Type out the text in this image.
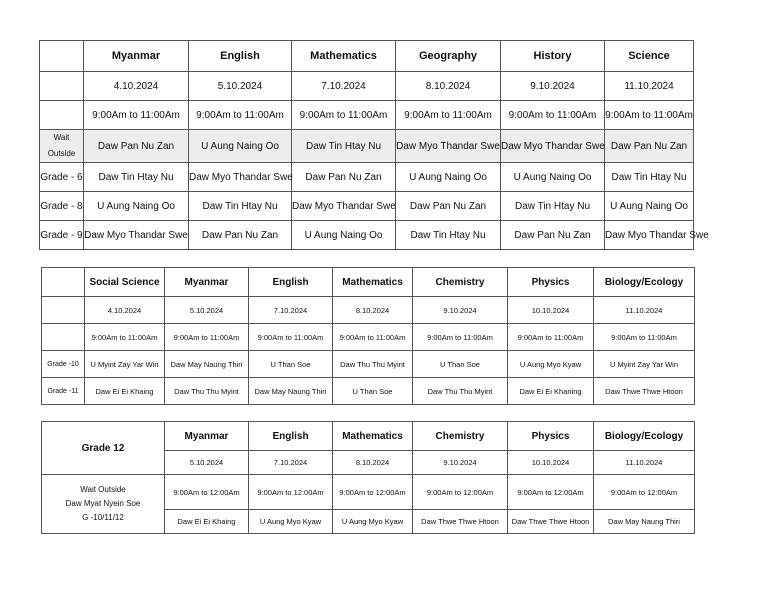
	Myanmar	English	Mathematics	Geography	History	Science
	4.10.2024	5.10.2024	7.10.2024	8.10.2024	9.10.2024	11.10.2024
	9:00Am to 11:00Am	9:00Am to 11:00Am	9:00Am to 11:00Am	9:00Am to 11:00Am	9:00Am to 11:00Am	9:00Am to 11:00Am
Wait Outside	Daw Pan Nu Zan	U Aung Naing Oo	Daw Tin Htay Nu	Daw Myo Thandar Swe	Daw Myo Thandar Swe	Daw Pan Nu Zan
Grade - 6	Daw Tin Htay Nu	Daw Myo Thandar Swe	Daw Pan Nu Zan	U Aung Naing Oo	U Aung Naing Oo	Daw Tin Htay Nu
Grade - 8	U Aung Naing Oo	Daw Tin Htay Nu	Daw Myo Thandar Swe	Daw Pan Nu Zan	Daw Tin Htay Nu	U Aung Naing Oo
Grade - 9	Daw Myo Thandar Swe	Daw Pan Nu Zan	U Aung Naing Oo	Daw Tin Htay Nu	Daw Pan Nu Zan	Daw Myo Thandar Swe
	Social Science	Myanmar	English	Mathematics	Chemistry	Physics	Biology/Ecology
	4.10.2024	5.10.2024	7.10.2024	8.10.2024	9.10.2024	10.10.2024	11.10.2024
	9:00Am to 11:00Am	9:00Am to 11:00Am	9:00Am to 11:00Am	9:00Am to 11:00Am	9:00Am to 11:00Am	9:00Am to 11:00Am	9:00Am to 11:00Am
Grade -10	U Myint Zay Yar Win	Daw May Naung Thiri	U Than Soe	Daw Thu Thu Myint	U Than Soe	U Aung Myo Kyaw	U Myint Zay Yar Win
Grade -11	Daw Ei Ei Khaing	Daw Thu Thu Myint	Daw May Naung Thiri	U Than Soe	Daw Thu Thu Myint	Daw Ei Ei Khaning	Daw Thwe Thwe Htoon
Grade 12	Myanmar	English	Mathematics	Chemistry	Physics	Biology/Ecology
	5.10.2024	7.10.2024	8.10.2024	9.10.2024	10.10.2024	11.10.2024

Wait Outside
Daw Myat Nyein Soe
G -10/11/12	9:00Am to 12:00Am	9:00Am to 12:00Am	9:00Am to 12:00Am	9:00Am to 12:00Am	9:00Am to 12:00Am	9:00Am to 12:00Am
	Daw Ei Ei Khaing	U Aung Myo Kyaw	U Aung Myo Kyaw	Daw Thwe Thwe Htoon	Daw Thwe Thwe Htoon	Daw May Naung Thiri
